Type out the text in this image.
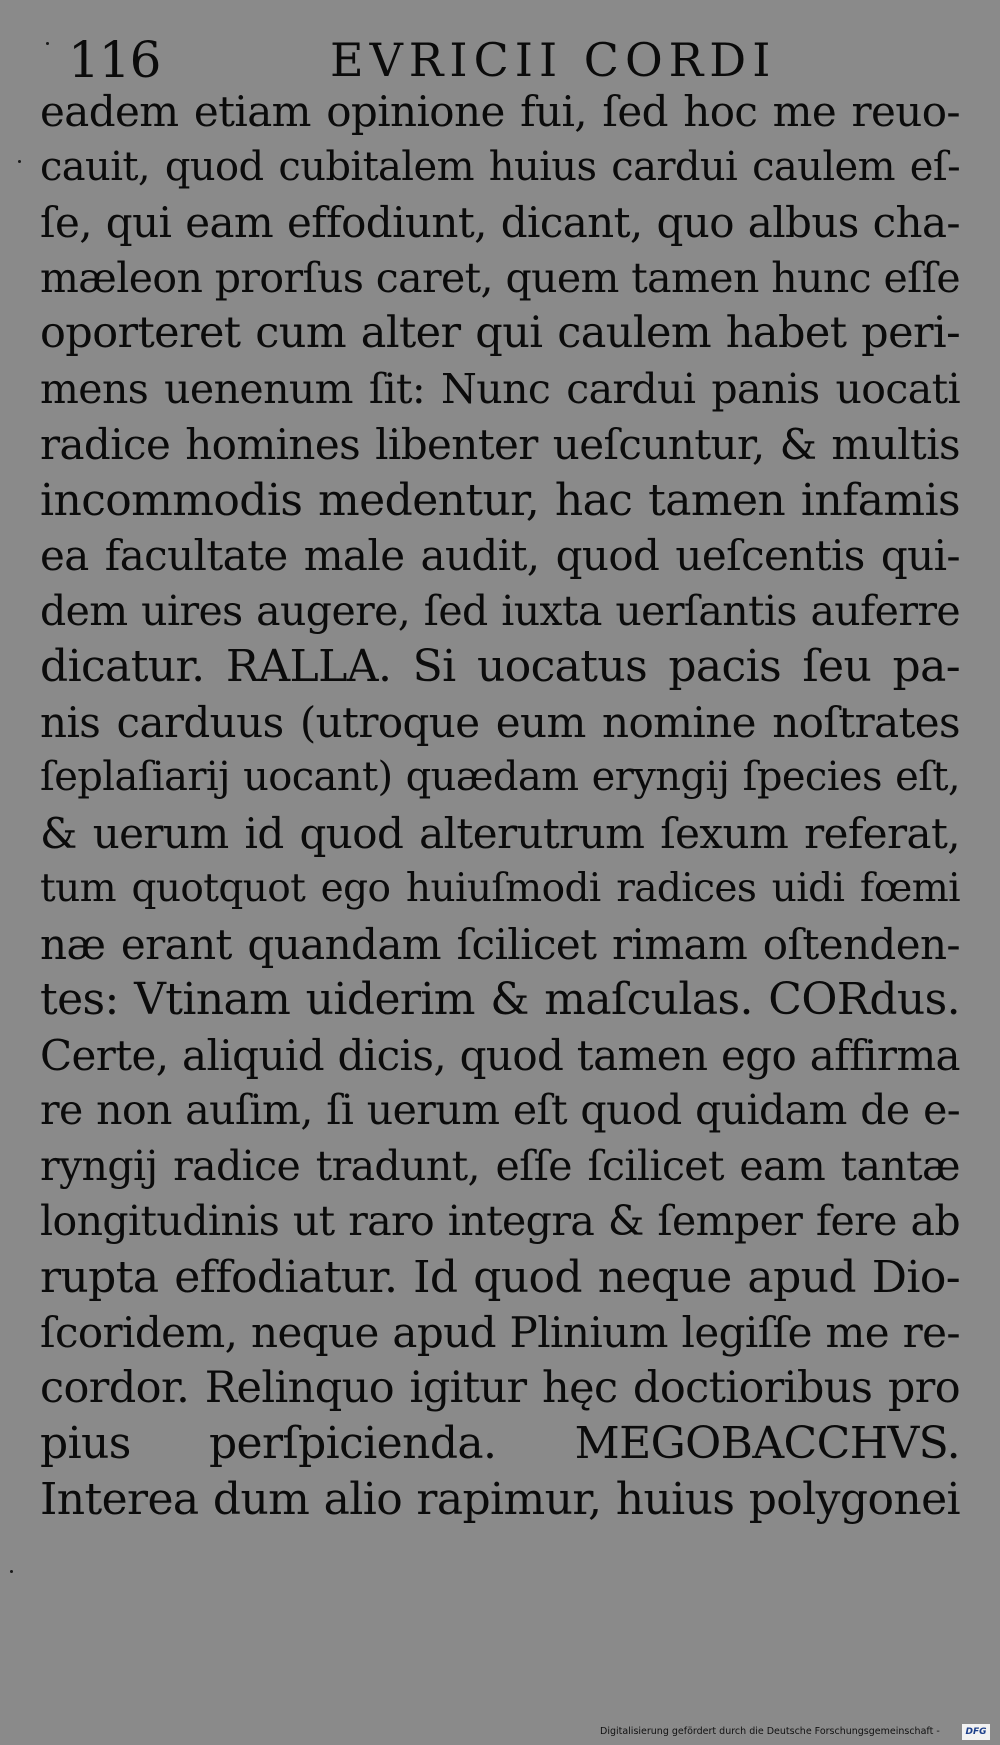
116	EVRICII CORDI
eadem etiam opinione fui, ſed hoc me reuo-
cauit, quod cubitalem huius cardui caulem eſ-
ſe, qui eam effodiunt, dicant, quo albus cha-
mæleon prorſus caret, quem tamen hunc eſſe
oporteret cum alter qui caulem habet peri-
mens uenenum ſit: Nunc cardui panis uocati
radice homines libenter ueſcuntur, & multis
incommodis medentur, hac tamen infamis
ea facultate male audit, quod ueſcentis qui-
dem uires augere, ſed iuxta uerſantis auferre
dicatur. RALLA. Si uocatus pacis ſeu pa-
nis carduus (utroque eum nomine noſtrates
ſeplaſiarij uocant) quædam eryngij ſpecies eſt,
& uerum id quod alterutrum ſexum referat,
tum quotquot ego huiuſmodi radices uidi fœmi
næ erant quandam ſcilicet rimam oſtenden-
tes: Vtinam uiderim & maſculas. CORdus.
Certe, aliquid dicis, quod tamen ego affirma
re non auſim, ſi uerum eſt quod quidam de e-
ryngij radice tradunt, eſſe ſcilicet eam tantæ
longitudinis ut raro integra & ſemper fere ab
rupta effodiatur. Id quod neque apud Dio-
ſcoridem, neque apud Plinium legiſſe me re-
cordor. Relinquo igitur hęc doctioribus pro
pius perſpicienda. MEGOBACCHVS.
Interea dum alio rapimur, huius polygonei
Digitalisierung gefördert durch die Deutsche Forschungsgemeinschaft -	DFG
